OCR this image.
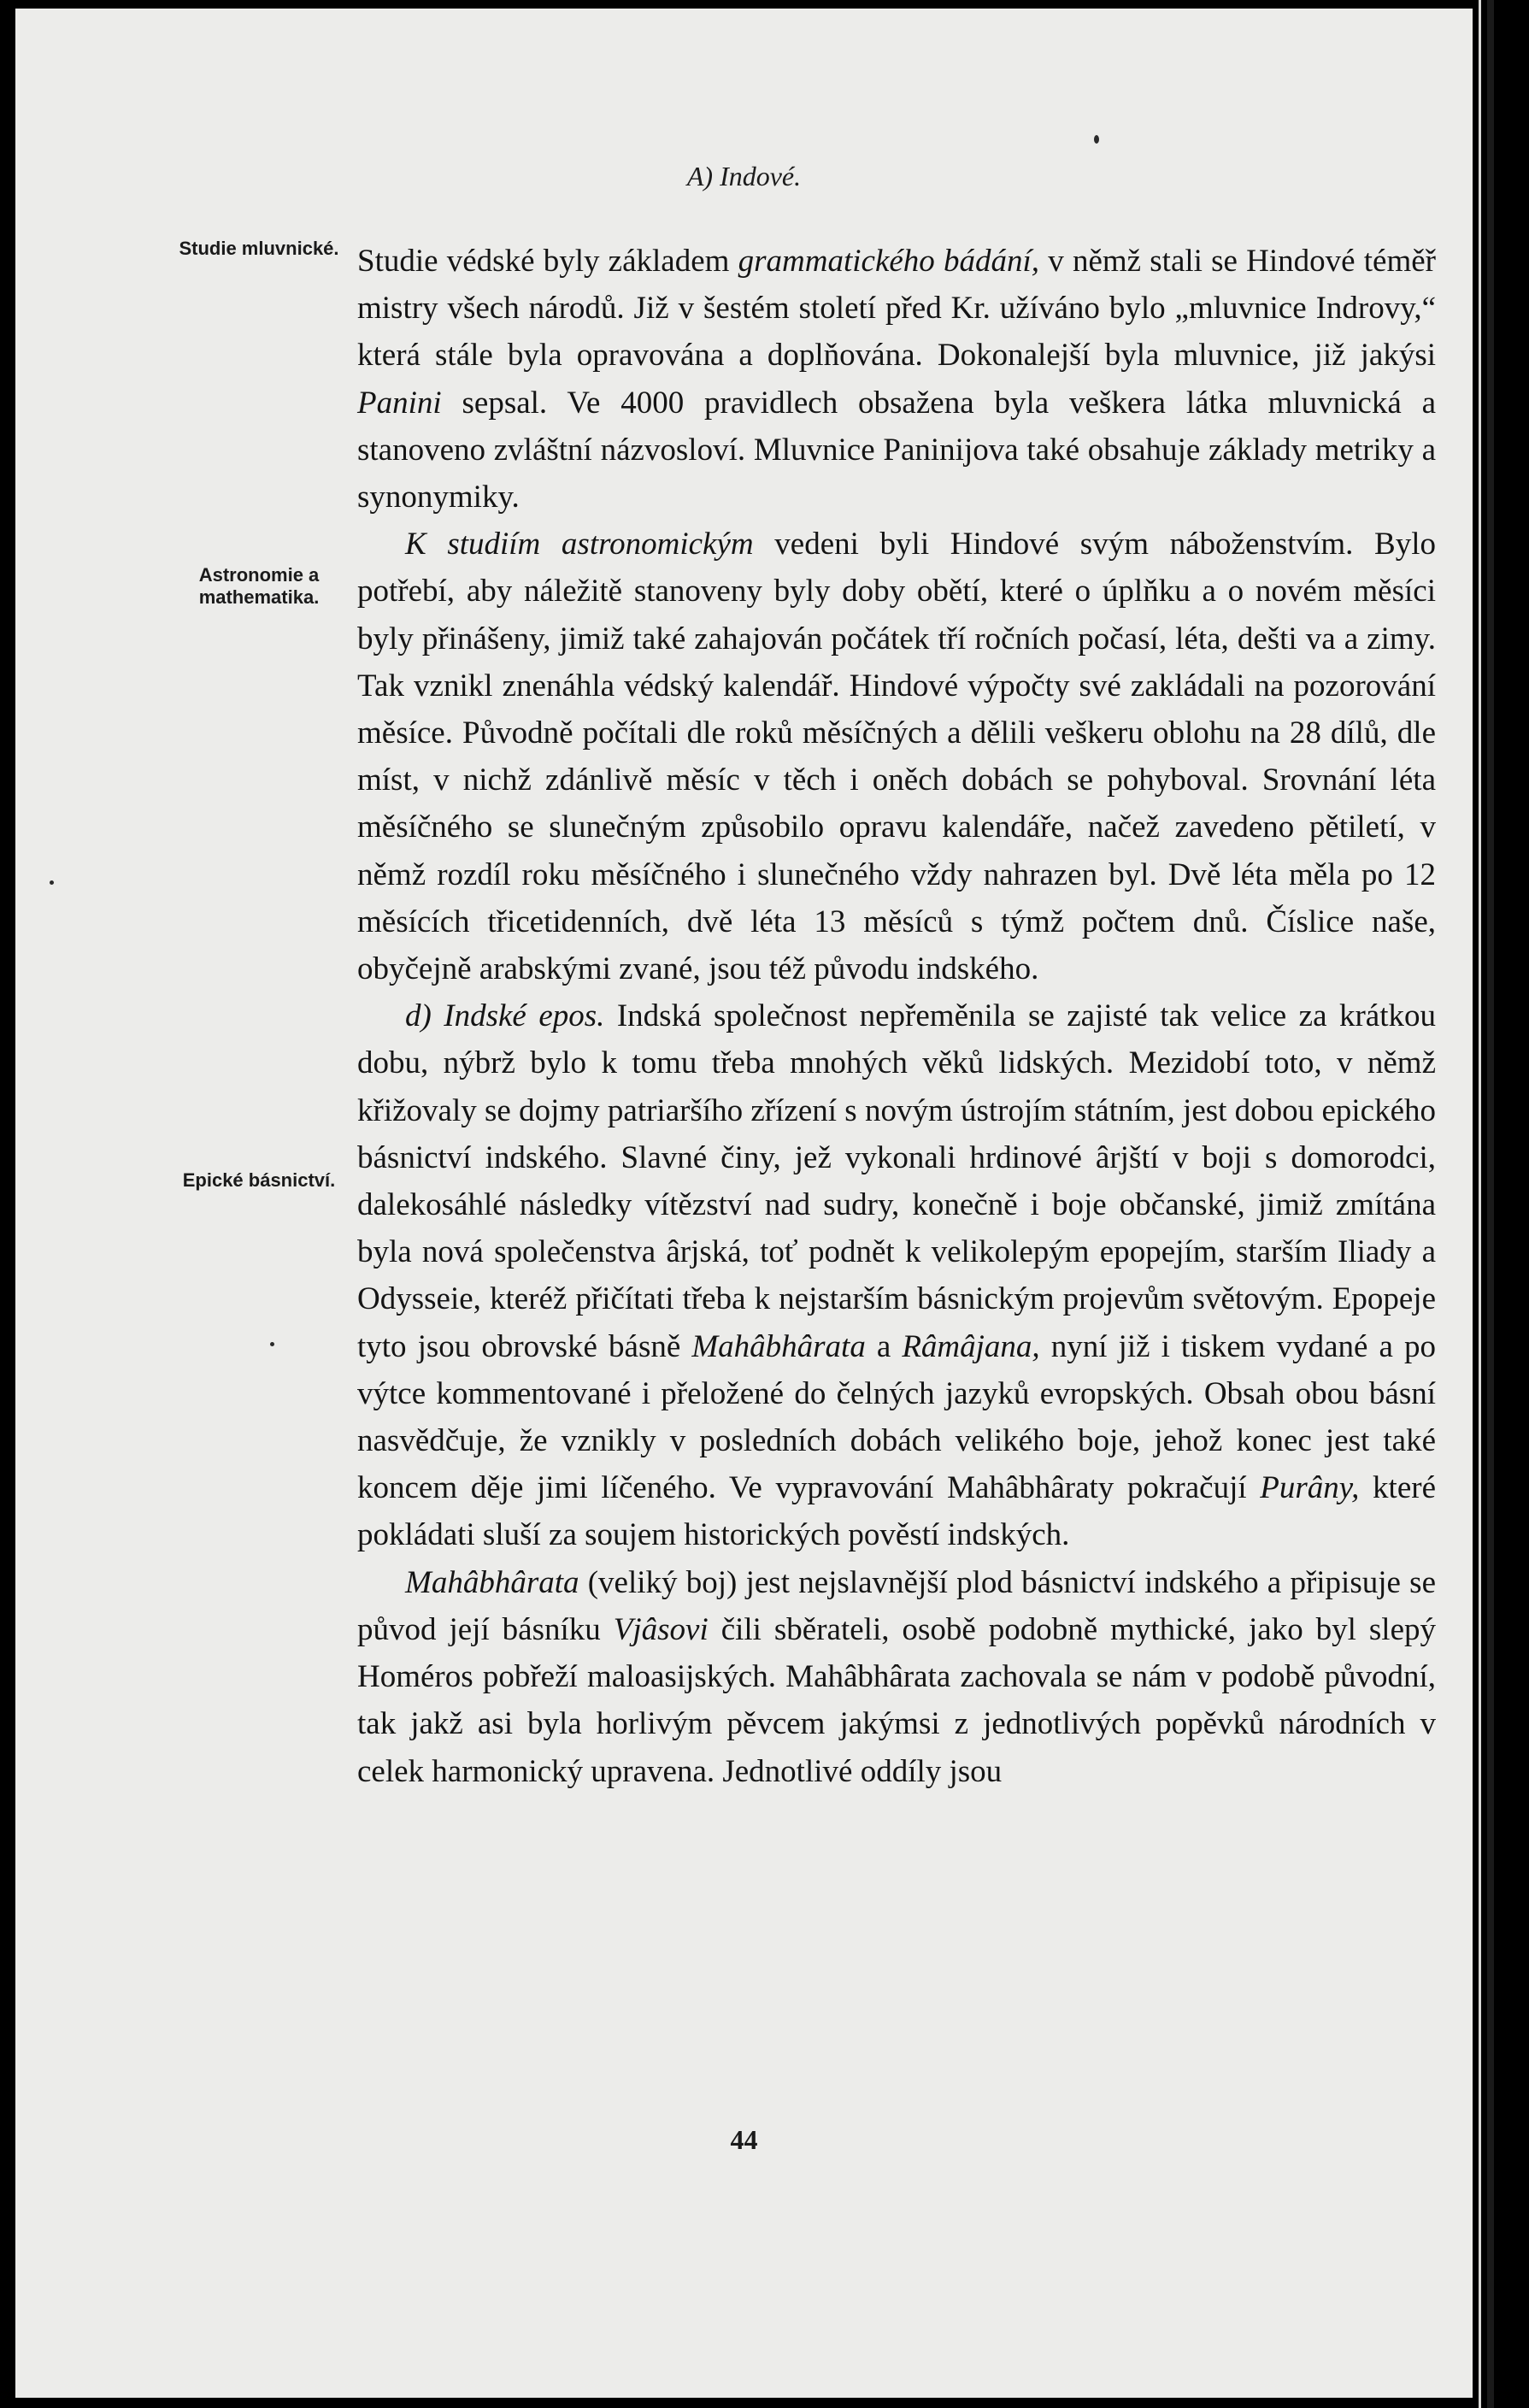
A) Indové.
Studie mluvnické.
Astronomie a mathematika.
Epické básnictví.

Studie védské byly základem grammatického bádání, v němž stali se Hindové téměř mistry všech národů. Již v šestém století před Kr. užíváno bylo „mluvnice Indrovy,“ která stále byla opravována a doplňována. Dokonalejší byla mluvnice, již jakýsi Panini sepsal. Ve 4000 pravidlech obsažena byla veškera látka mluvnická a stanoveno zvláštní názvosloví. Mluvnice Paninijova také obsahuje základy metriky a synonymiky.

K studiím astronomickým vedeni byli Hindové svým náboženstvím. Bylo potřebí, aby náležitě stanoveny byly doby obětí, které o úplňku a o novém měsíci byly přinášeny, jimiž také zahajován počátek tří ročních počasí, léta, dešti va a zimy. Tak vznikl znenáhla védský kalendář. Hindové výpočty své zakládali na pozorování měsíce. Původně počítali dle roků měsíčných a dělili veškeru oblohu na 28 dílů, dle míst, v nichž zdánlivě měsíc v těch i oněch dobách se pohyboval. Srovnání léta měsíčného se slunečným způsobilo opravu kalendáře, načež zavedeno pětiletí, v němž rozdíl roku měsíčného i slunečného vždy nahrazen byl. Dvě léta měla po 12 měsících třicetidenních, dvě léta 13 měsíců s týmž počtem dnů. Číslice naše, obyčejně arabskými zvané, jsou též původu indského.

d) Indské epos. Indská společnost nepřeměnila se zajisté tak velice za krátkou dobu, nýbrž bylo k tomu třeba mnohých věků lidských. Mezidobí toto, v němž křižovaly se dojmy patriaršího zřízení s novým ústrojím státním, jest dobou epického básnictví indského. Slavné činy, jež vykonali hrdinové ârjští v boji s domorodci, dalekosáhlé následky vítězství nad sudry, konečně i boje občanské, jimiž zmítána byla nová společenstva ârjská, toť podnět k velikolepým epopejím, starším Iliady a Odysseie, kteréž přičítati třeba k nejstarším básnickým projevům světovým. Epopeje tyto jsou obrovské básně Mahâbhârata a Râmâjana, nyní již i tiskem vydané a po výtce kommentované i přeložené do čelných jazyků evropských. Obsah obou básní nasvědčuje, že vznikly v posledních dobách velikého boje, jehož konec jest také koncem děje jimi líčeného. Ve vypravování Mahâbhâraty pokračují Purâny, které pokládati sluší za soujem historických pověstí indských.

Mahâbhârata (veliký boj) jest nejslavnější plod básnictví indského a připisuje se původ její básníku Vjâsovi čili sběrateli, osobě podobně mythické, jako byl slepý Homéros pobřeží maloasijských. Mahâbhârata zachovala se nám v podobě původní, tak jakž asi byla horlivým pěvcem jakýmsi z jednotlivých popěvků národních v celek harmonický upravena. Jednotlivé oddíly jsou

44
